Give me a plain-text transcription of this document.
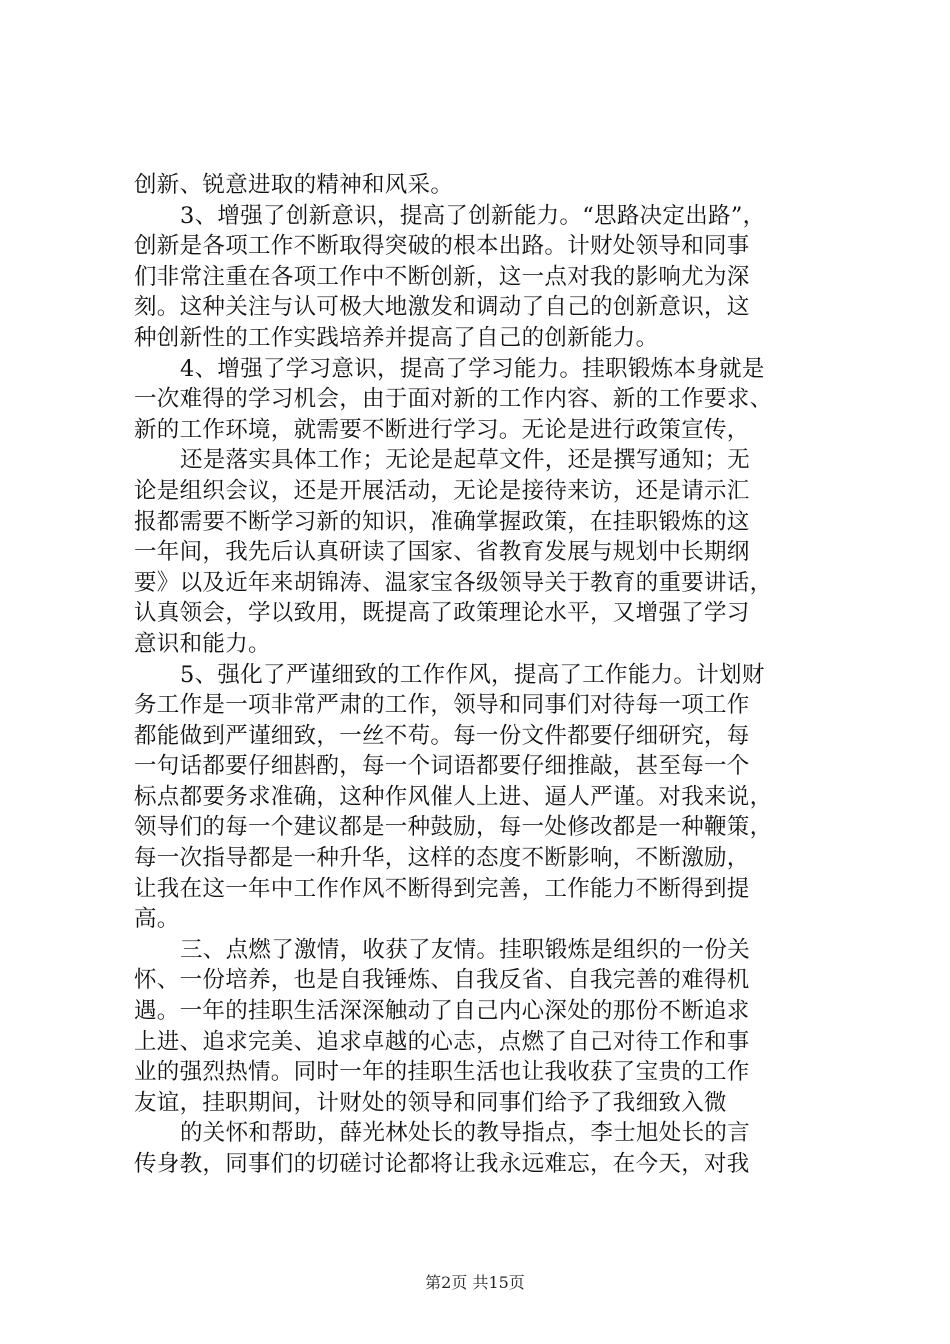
创新、锐意进取的精神和风采。
3、增强了创新意识，提高了创新能力。“思路决定出路”，
创新是各项工作不断取得突破的根本出路。计财处领导和同事
们非常注重在各项工作中不断创新，这一点对我的影响尤为深
刻。这种关注与认可极大地激发和调动了自己的创新意识，这
种创新性的工作实践培养并提高了自己的创新能力。
4、增强了学习意识，提高了学习能力。挂职锻炼本身就是
一次难得的学习机会，由于面对新的工作内容、新的工作要求、
新的工作环境，就需要不断进行学习。无论是进行政策宣传，
还是落实具体工作；无论是起草文件，还是撰写通知；无
论是组织会议，还是开展活动，无论是接待来访，还是请示汇
报都需要不断学习新的知识，准确掌握政策，在挂职锻炼的这
一年间，我先后认真研读了国家、省教育发展与规划中长期纲
要》以及近年来胡锦涛、温家宝各级领导关于教育的重要讲话，
认真领会，学以致用，既提高了政策理论水平，又增强了学习
意识和能力。
5、强化了严谨细致的工作作风，提高了工作能力。计划财
务工作是一项非常严肃的工作，领导和同事们对待每一项工作
都能做到严谨细致，一丝不苟。每一份文件都要仔细研究，每
一句话都要仔细斟酌，每一个词语都要仔细推敲，甚至每一个
标点都要务求准确，这种作风催人上进、逼人严谨。对我来说，
领导们的每一个建议都是一种鼓励，每一处修改都是一种鞭策，
每一次指导都是一种升华，这样的态度不断影响，不断激励，
让我在这一年中工作作风不断得到完善，工作能力不断得到提
高。
三、点燃了激情，收获了友情。挂职锻炼是组织的一份关
怀、一份培养，也是自我锤炼、自我反省、自我完善的难得机
遇。一年的挂职生活深深触动了自己内心深处的那份不断追求
上进、追求完美、追求卓越的心志，点燃了自己对待工作和事
业的强烈热情。同时一年的挂职生活也让我收获了宝贵的工作
友谊，挂职期间，计财处的领导和同事们给予了我细致入微
的关怀和帮助，薛光林处长的教导指点，李士旭处长的言
传身教，同事们的切磋讨论都将让我永远难忘，在今天，对我
第2页 共15页
